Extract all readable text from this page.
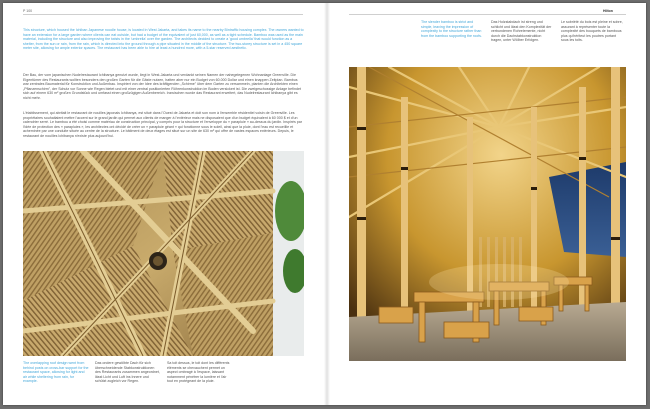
P 100	Hilton

This structure, which housed the Ichiban Japanese noodle house, is located in West Jakarta, and takes its name to the nearby Bintraffic housing complex. The owners wanted to have an extension for a large garden where clients can eat outside, but had a budget of the equivalent of just 60,000, as well as a tight schedule. Bamboo was used as the main material, including the structure and also improving the twists in the 'umbrella' over the garden. The architects decided to create a 'good umbrella' that would function as a shelter, from the sun or rain, from the rain, which is directed into the ground through a pipe situated in the middle of the structure. The two-storey structure is set in a 450 square meter site, allowing for ample exterior spaces. The restaurant has been able to hire at least a hundred more, with a 5-star reserved aesthetic.

Der Bau, der vom japanischen Nudelrestaurant Ichibanya genutzt wurde, liegt in West-Jakarta und verdankt seinen Namen der nahegelegenen Wohnanlage Greenville. Die Eigentümer des Restaurants wollten besonders den großen Garten für die Gäste nutzen, hatten aber nur ein Budget von 60.000 Dollar und einen knappen Zeitplan. Bambus war zentrales Baumaterial für Konstruktion und Außenbau. Inspiriert von der Idee des kräftigenden „Schirme" über dem Garten zu versammeln, planten die Architekten einen „Pflanzenschirm", der Schutz vor Sonne wie Regen bietet und mit einer zentral positionierten Röhrenkonstruktion im Boden versickert ist. Die zweigeschossige Anlage befindet sich auf einem 630 m² großen Grundstück und umfasst einen großzügigen Außenbereich. Inzwischen wurde das Restaurant erweitert, das Nudelrestaurant Ichibanya gibt es nicht mehr.

L'établissement, qui abritait le restaurant de nouilles japonais Ichibanya, est situé dans l'Ouest de Jakarta et doit son nom à l'ensemble résidentiel voisin de Greenville. Les propriétaires souhaitaient mettre l'accent sur le grand jardin qui permet aux clients de manger à l'extérieur mais ne disposaient que d'un budget équivalent à 60 000 $ et d'un calendrier serré. Le bambou a été choisi comme matériau de construction principal, y compris pour la structure et l'enveloppe du « parapluie » au-dessus du jardin. Inspirés par l'idée de protection des « parapluies », les architectes ont décidé de créer un « parapluie géant » qui fonctionne sous le soleil, ainsi que la pluie, dont l'eau est recueillie et acheminée par une conduite située au centre de la structure. Le bâtiment de deux étages est situé sur un site de 630 m² qui offre de vastes espaces extérieurs. Depuis, le restaurant de nouilles Ichibanya n'existe plus aujourd'hui.

The overlapping roof design went from behind posts on cross-bar support for the restaurant space, allowing for light and air while sheltering from rain, for example.

Das ondere gewölbte Dach für sich überschneidende Stabkonstruktionen des Restaurants zusammen angeordnet, lässt Licht und Luft ins Innere und schützt zugleich vor Regen.

Sa toit dessus, le toit dont les différents éléments se chevauchent permet un aspect ombragé à l'espace, laissant notamment pénétrer la lumière et l'air tout en protégeant de la pluie.

The slender bamboo is strict and simple, leaving the impression of complexity to the structure rather than from the bamboo supporting the roofs.

Das Holzstabdach ist streng und schlicht und lässt den Komplexität der verbundenen Rohrelemente, nicht durch die Dachstabkonstruktion tragen, unter Wölber Erfolgen.

Le sobriété du bois est pleine et sobre, assurant à représenter toute la complexité des bouquets de bambous plus qu'hériteut les poutres portant sous les toits.
